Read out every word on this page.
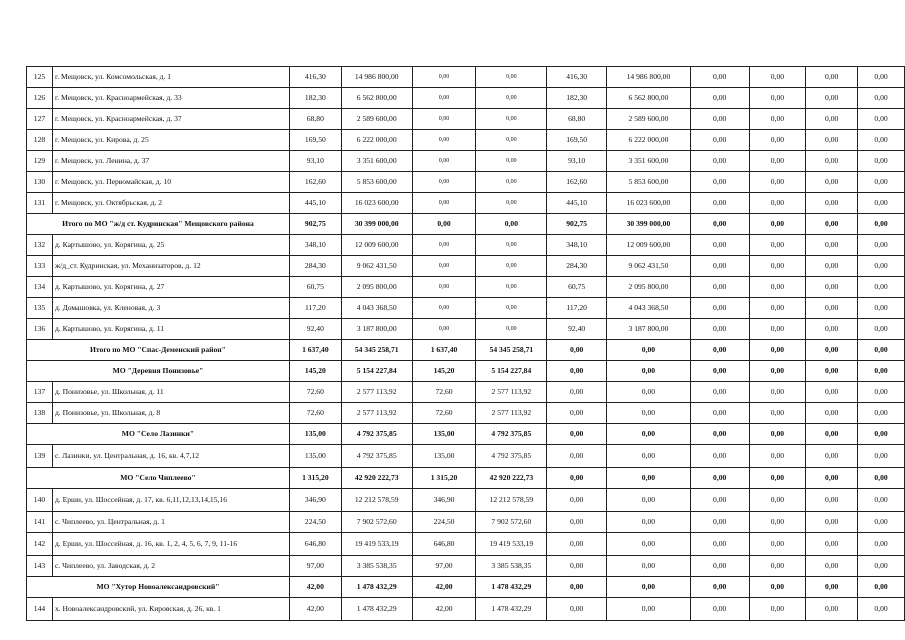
125	г. Мещовск, ул. Комсомольская, д. 1	416,30	14 986 800,00	0,00	0,00	416,30	14 986 800,00	0,00	0,00	0,00	0,00
126	г. Мещовск, ул. Красноармейская, д. 33	182,30	6 562 800,00	0,00	0,00	182,30	6 562 800,00	0,00	0,00	0,00	0,00
127	г. Мещовск, ул. Красноармейская, д. 37	68,80	2 589 600,00	0,00	0,00	68,80	2 589 600,00	0,00	0,00	0,00	0,00
128	г. Мещовск, ул. Кирова, д. 25	169,50	6 222 000,00	0,00	0,00	169,50	6 222 000,00	0,00	0,00	0,00	0,00
129	г. Мещовск, ул. Ленина, д. 37	93,10	3 351 600,00	0,00	0,00	93,10	3 351 600,00	0,00	0,00	0,00	0,00
130	г. Мещовск, ул. Первомайская, д. 10	162,60	5 853 600,00	0,00	0,00	162,60	5 853 600,00	0,00	0,00	0,00	0,00
131	г. Мещовск, ул. Октябрьская, д. 2	445,10	16 023 600,00	0,00	0,00	445,10	16 023 600,00	0,00	0,00	0,00	0,00
Итого по МО "ж/д ст. Кудринская" Мещовского района		902,75	30 399 000,00	0,00	0,00	902,75	30 399 000,00	0,00	0,00	0,00	0,00
132	д. Картышово, ул. Корягина, д. 25	348,10	12 009 600,00	0,00	0,00	348,10	12 009 600,00	0,00	0,00	0,00	0,00
133	ж/д_ст. Кудринская, ул. Механизаторов, д. 12	284,30	9 062 431,50	0,00	0,00	284,30	9 062 431,50	0,00	0,00	0,00	0,00
134	д. Картышово, ул. Корягина, д. 27	60,75	2 095 800,00	0,00	0,00	60,75	2 095 800,00	0,00	0,00	0,00	0,00
135	д. Домашовка, ул. Кленовая, д. 3	117,20	4 043 368,50	0,00	0,00	117,20	4 043 368,50	0,00	0,00	0,00	0,00
136	д. Картышово, ул. Корягина, д. 11	92,40	3 187 800,00	0,00	0,00	92,40	3 187 800,00	0,00	0,00	0,00	0,00
Итого по МО "Спас-Деменский район"		1 637,40	54 345 258,71	1 637,40	54 345 258,71	0,00	0,00	0,00	0,00	0,00	0,00
МО "Деревня Понизовье"		145,20	5 154 227,84	145,20	5 154 227,84	0,00	0,00	0,00	0,00	0,00	0,00
137	д. Понизовье, ул. Школьная, д. 11	72,60	2 577 113,92	72,60	2 577 113,92	0,00	0,00	0,00	0,00	0,00	0,00
138	д. Понизовье, ул. Школьная, д. 8	72,60	2 577 113,92	72,60	2 577 113,92	0,00	0,00	0,00	0,00	0,00	0,00
МО "Село Лазинки"		135,00	4 792 375,85	135,00	4 792 375,85	0,00	0,00	0,00	0,00	0,00	0,00
139	с. Лазинки, ул. Центральная, д. 16, кв. 4,7,12	135,00	4 792 375,85	135,00	4 792 375,85	0,00	0,00	0,00	0,00	0,00	0,00
МО "Село Чиплеево"		1 315,20	42 920 222,73	1 315,20	42 920 222,73	0,00	0,00	0,00	0,00	0,00	0,00
140	д. Ерши, ул. Шоссейная, д. 17, кв. 6,11,12,13,14,15,16	346,90	12 212 578,59	346,90	12 212 578,59	0,00	0,00	0,00	0,00	0,00	0,00
141	с. Чиплеево, ул. Центральная, д. 1	224,50	7 902 572,60	224,50	7 902 572,60	0,00	0,00	0,00	0,00	0,00	0,00
142	д. Ерши, ул. Шоссейная, д. 16, кв. 1, 2, 4, 5, 6, 7, 9, 11-16	646,80	19 419 533,19	646,80	19 419 533,19	0,00	0,00	0,00	0,00	0,00	0,00
143	с. Чиплеево, ул. Заводская, д. 2	97,00	3 385 538,35	97,00	3 385 538,35	0,00	0,00	0,00	0,00	0,00	0,00
МО "Хутор Новоалександровский"		42,00	1 478 432,29	42,00	1 478 432,29	0,00	0,00	0,00	0,00	0,00	0,00
144	х. Новоалександровский, ул. Кировская, д. 26, кв. 1	42,00	1 478 432,29	42,00	1 478 432,29	0,00	0,00	0,00	0,00	0,00	0,00
